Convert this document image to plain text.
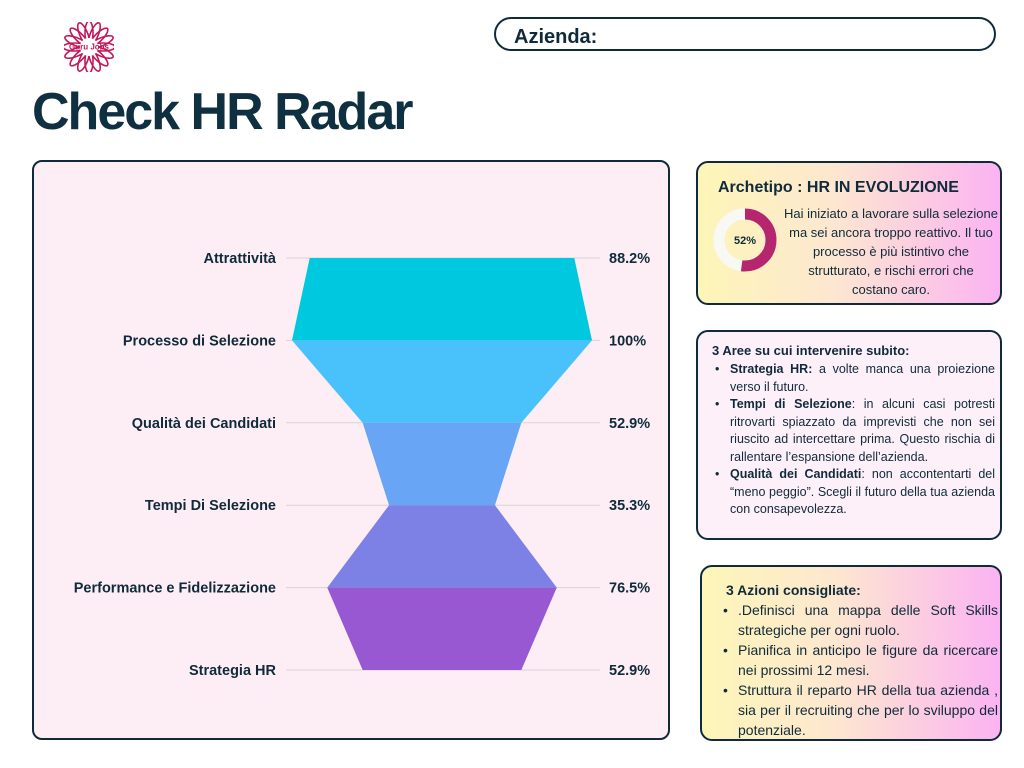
Guru Jobs	Azienda:
Check HR Radar
Attrattività	88.2%
Processo di Selezione	100%
Qualità dei Candidati	52.9%
Tempi Di Selezione	35.3%
Performance e Fidelizzazione	76.5%
Strategia HR	52.9%
Archetipo : HR IN EVOLUZIONE
52%
Hai iniziato a lavorare sulla selezione ma sei ancora troppo reattivo. Il tuo processo è più istintivo che strutturato, e rischi errori che costano caro.
3 Aree su cui intervenire subito:
• Strategia HR: a volte manca una proiezione verso il futuro.
• Tempi di Selezione: in alcuni casi potresti ritrovarti spiazzato da imprevisti che non sei riuscito ad intercettare prima. Questo rischia di rallentare l’espansione dell’azienda.
• Qualità dei Candidati: non accontentarti del “meno peggio”. Scegli il futuro della tua azienda con consapevolezza.
3 Azioni consigliate:
• .Definisci una mappa delle Soft Skills strategiche per ogni ruolo.
• Pianifica in anticipo le figure da ricercare nei prossimi 12 mesi.
• Struttura il reparto HR della tua azienda , sia per il recruiting che per lo sviluppo del potenziale.
